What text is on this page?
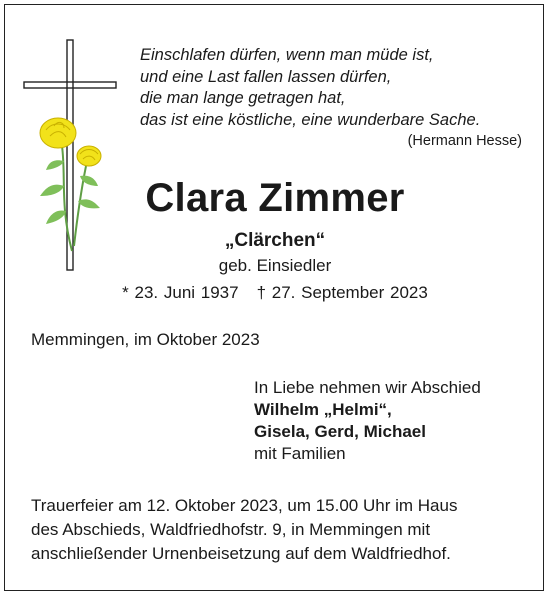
Einschlafen dürfen, wenn man müde ist,
und eine Last fallen lassen dürfen,
die man lange getragen hat,
das ist eine köstliche, eine wunderbare Sache.
(Hermann Hesse)
Clara Zimmer
„Clärchen“
geb. Einsiedler
* 23. Juni 1937 † 27. September 2023
Memmingen, im Oktober 2023
In Liebe nehmen wir Abschied
Wilhelm „Helmi“,
Gisela, Gerd, Michael
mit Familien
Trauerfeier am 12. Oktober 2023, um 15.00 Uhr im Haus
des Abschieds, Waldfriedhofstr. 9, in Memmingen mit
anschließender Urnenbeisetzung auf dem Waldfriedhof.
